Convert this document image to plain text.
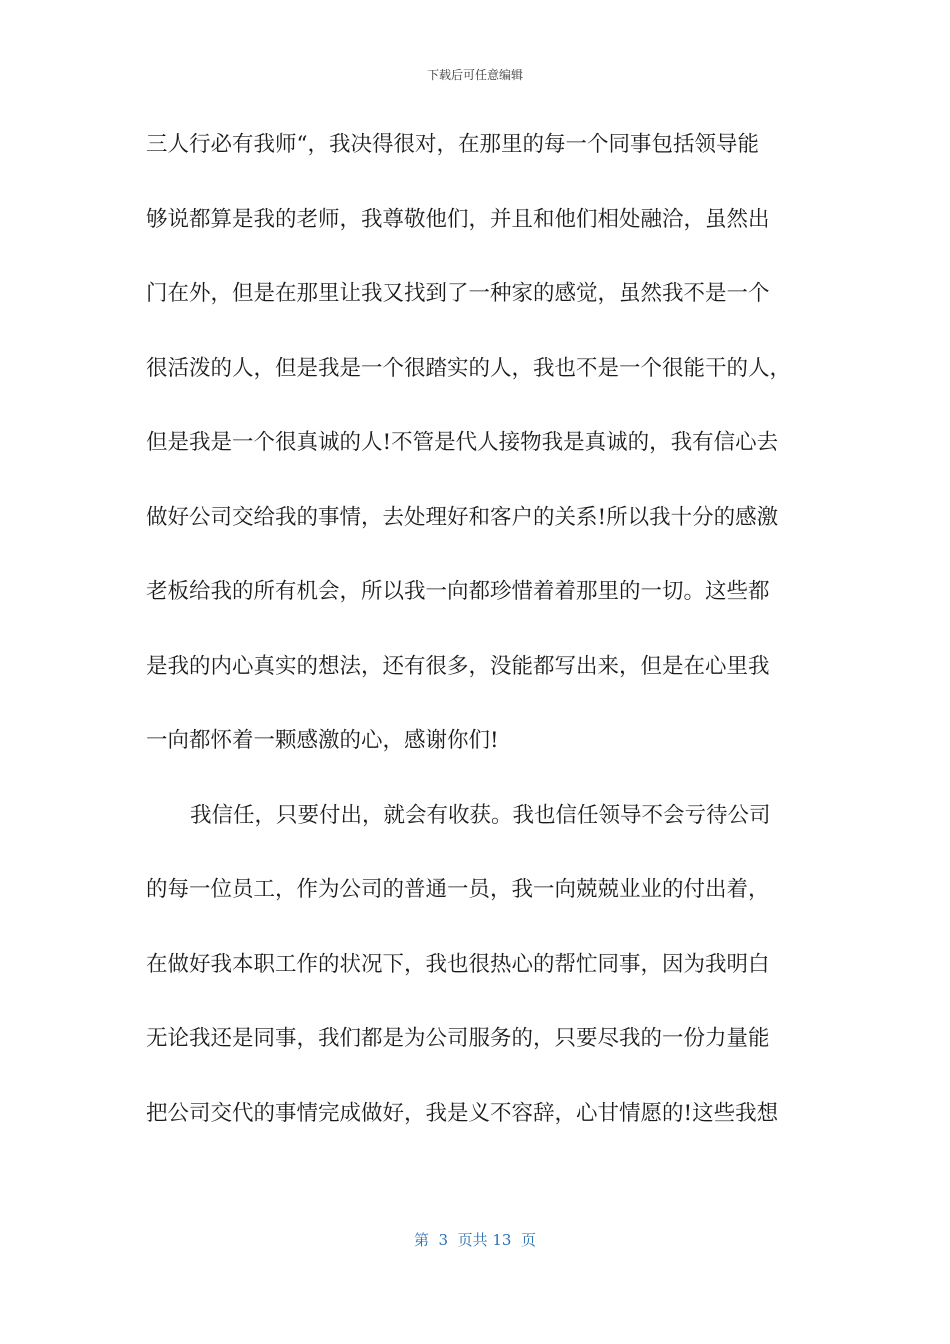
下载后可任意编辑
三人行必有我师“，我决得很对，在那里的每一个同事包括领导能
够说都算是我的老师，我尊敬他们，并且和他们相处融洽，虽然出
门在外，但是在那里让我又找到了一种家的感觉，虽然我不是一个
很活泼的人，但是我是一个很踏实的人，我也不是一个很能干的人，
但是我是一个很真诚的人!不管是代人接物我是真诚的，我有信心去
做好公司交给我的事情，去处理好和客户的关系!所以我十分的感激
老板给我的所有机会，所以我一向都珍惜着着那里的一切。这些都
是我的内心真实的想法，还有很多，没能都写出来，但是在心里我
一向都怀着一颗感激的心，感谢你们!
我信任，只要付出，就会有收获。我也信任领导不会亏待公司
的每一位员工，作为公司的普通一员，我一向兢兢业业的付出着，
在做好我本职工作的状况下，我也很热心的帮忙同事，因为我明白
无论我还是同事，我们都是为公司服务的，只要尽我的一份力量能
把公司交代的事情完成做好，我是义不容辞，心甘情愿的!这些我想
第  3  页共 13  页
